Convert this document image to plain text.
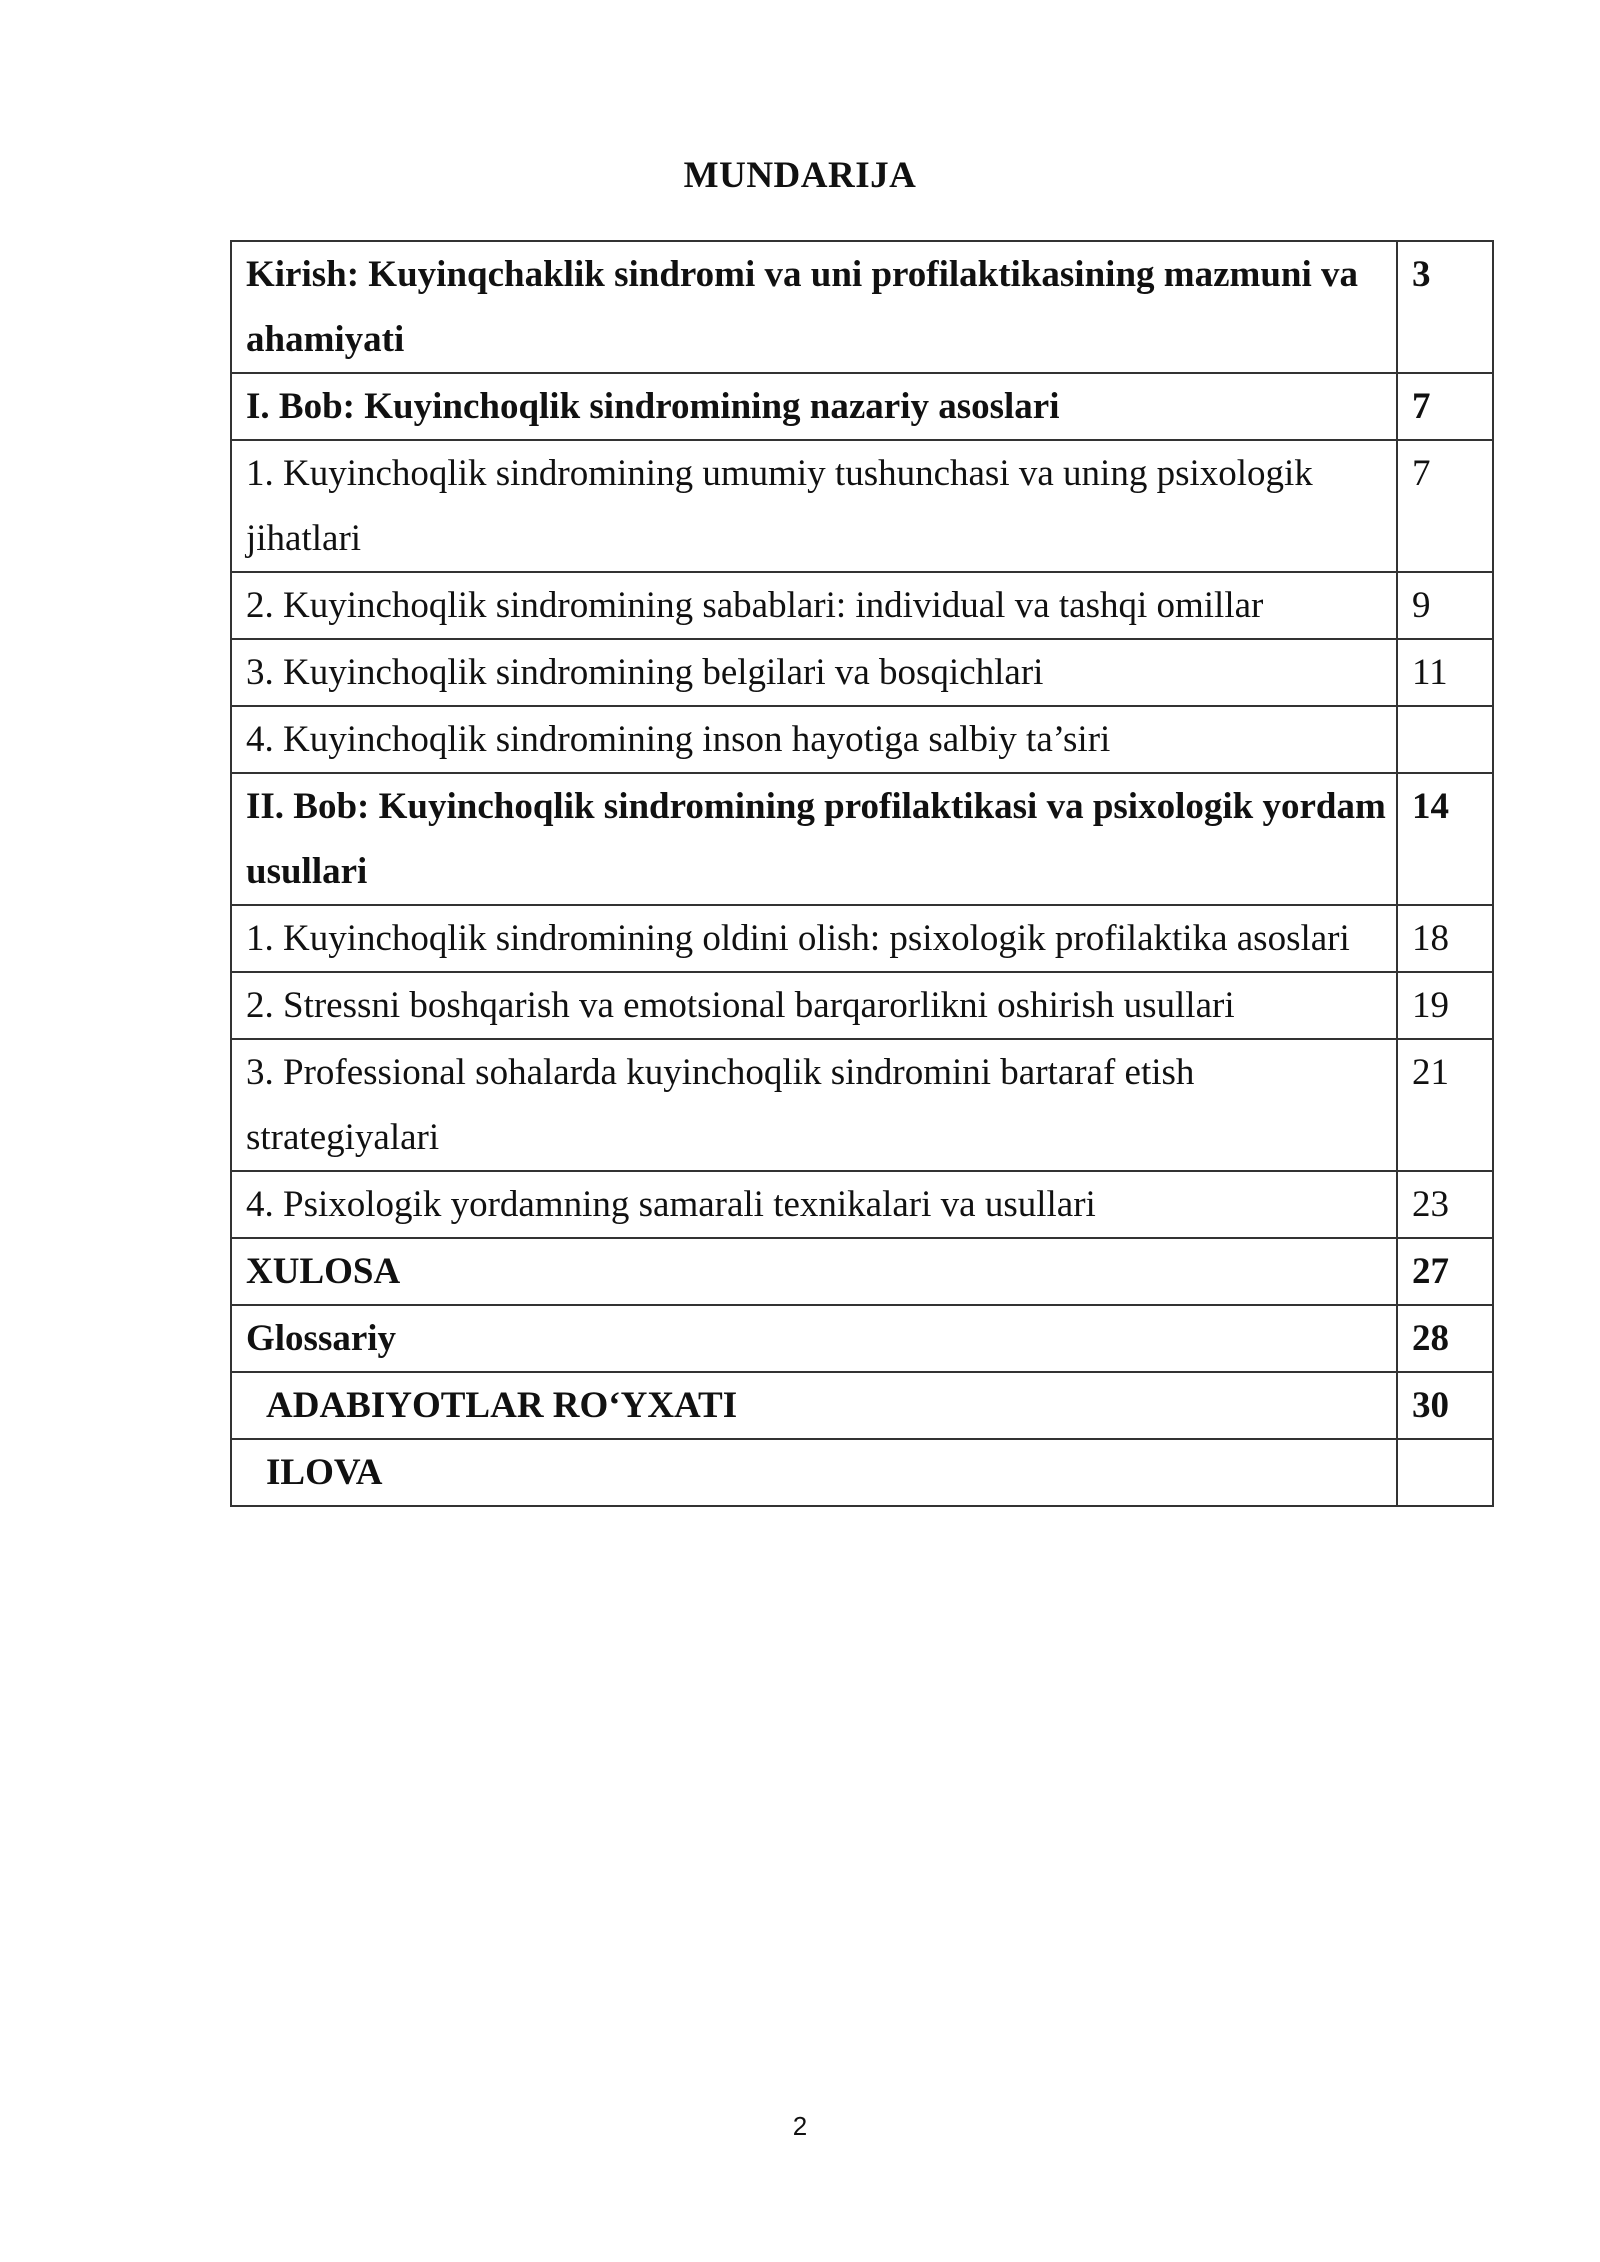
MUNDARIJA
Kirish: Kuyinqchaklik sindromi va uni profilaktikasining mazmuni va ahamiyati	3
I. Bob: Kuyinchoqlik sindromining nazariy asoslari	7
1. Kuyinchoqlik sindromining umumiy tushunchasi va uning psixologik jihatlari	7
2. Kuyinchoqlik sindromining sabablari: individual va tashqi omillar	9
3. Kuyinchoqlik sindromining belgilari va bosqichlari	11
4. Kuyinchoqlik sindromining inson hayotiga salbiy ta’siri	
II. Bob: Kuyinchoqlik sindromining profilaktikasi va psixologik yordam usullari	14
1. Kuyinchoqlik sindromining oldini olish: psixologik profilaktika asoslari	18
2. Stressni boshqarish va emotsional barqarorlikni oshirish usullari	19
3. Professional sohalarda kuyinchoqlik sindromini bartaraf etish strategiyalari	21
4. Psixologik yordamning samarali texnikalari va usullari	23
XULOSA	27
Glossariy	28
ADABIYOTLAR RO‘YXATI	30
ILOVA	
2
